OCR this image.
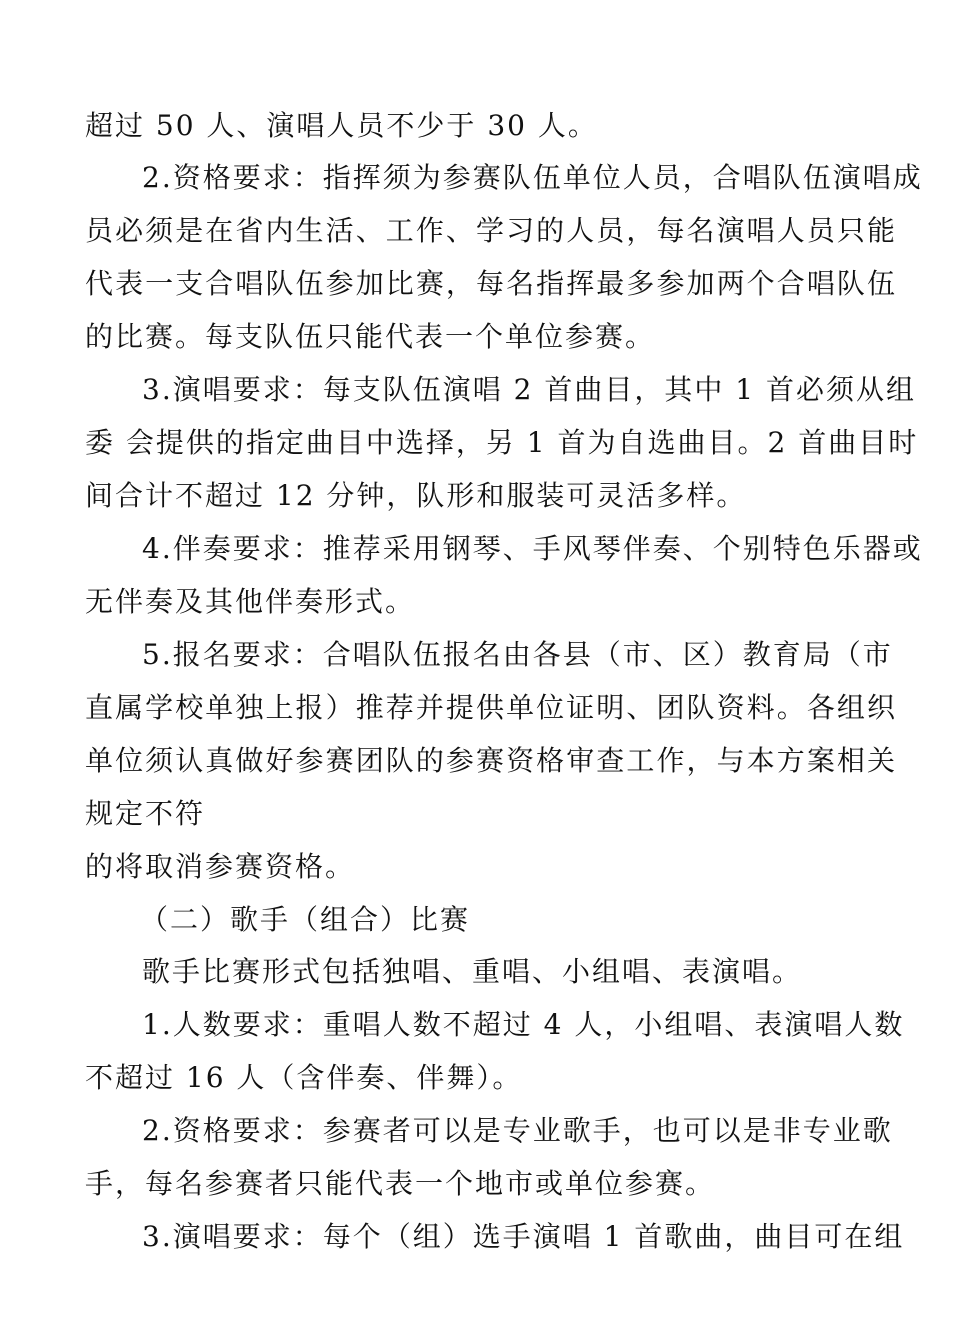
超过 50 人、演唱人员不少于 30 人。
2.资格要求：指挥须为参赛队伍单位人员，合唱队伍演唱成
员必须是在省内生活、工作、学习的人员，每名演唱人员只能
代表一支合唱队伍参加比赛，每名指挥最多参加两个合唱队伍
的比赛。每支队伍只能代表一个单位参赛。
3.演唱要求：每支队伍演唱 2 首曲目，其中 1 首必须从组
委 会提供的指定曲目中选择，另 1 首为自选曲目。2 首曲目时
间合计不超过 12 分钟，队形和服装可灵活多样。
4.伴奏要求：推荐采用钢琴、手风琴伴奏、个别特色乐器或
无伴奏及其他伴奏形式。
5.报名要求：合唱队伍报名由各县（市、区）教育局（市
直属学校单独上报）推荐并提供单位证明、团队资料。各组织
单位须认真做好参赛团队的参赛资格审查工作，与本方案相关
规定不符
的将取消参赛资格。
（二）歌手（组合）比赛
歌手比赛形式包括独唱、重唱、小组唱、表演唱。
1.人数要求：重唱人数不超过 4 人，小组唱、表演唱人数
不超过 16 人（含伴奏、伴舞）。
2.资格要求：参赛者可以是专业歌手，也可以是非专业歌
手，每名参赛者只能代表一个地市或单位参赛。
3.演唱要求：每个（组）选手演唱 1 首歌曲，曲目可在组
